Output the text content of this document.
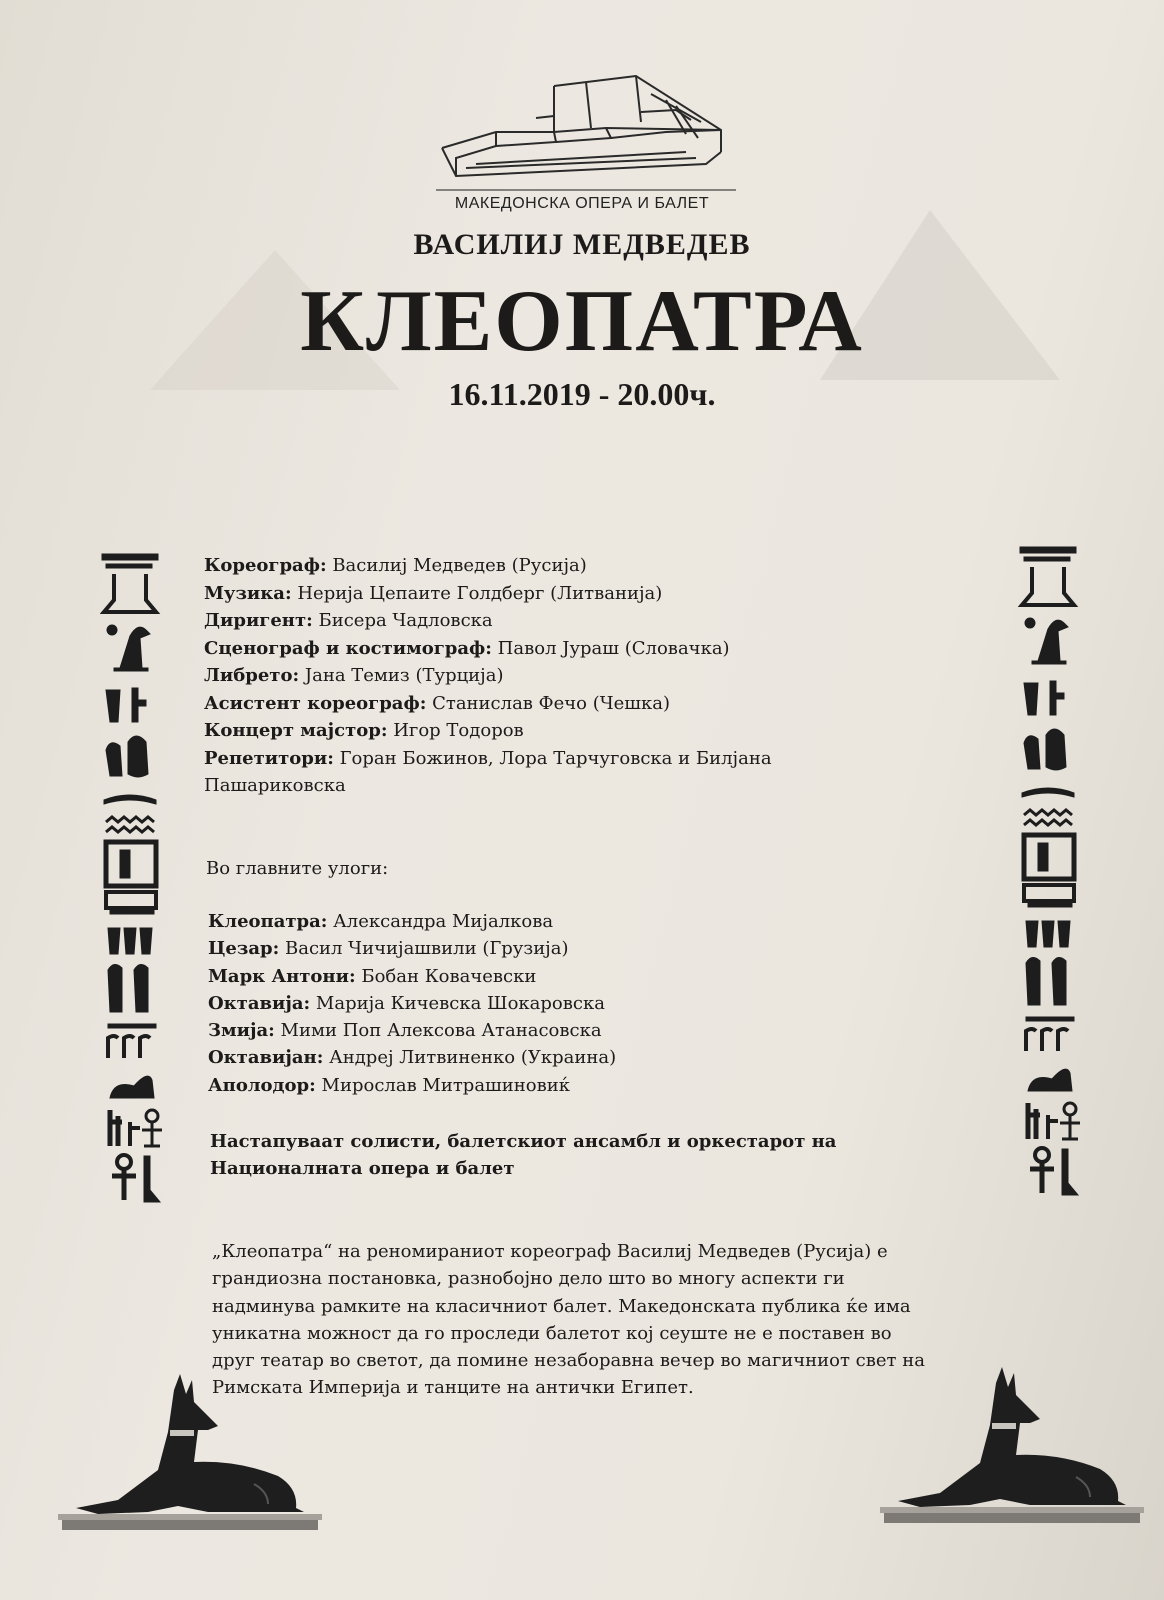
МАКЕДОНСКА ОПЕРА И БАЛЕТ
ВАСИЛИЈ МЕДВЕДЕВ
КЛЕОПАТРА
16.11.2019 - 20.00ч.
Кореограф: Василиј Медведев (Русија)
Музика: Нерија Цепаите Голдберг (Литванија)
Диригент: Бисера Чадловска
Сценограф и костимограф: Павол Јураш (Словачка)
Либрето: Јана Темиз (Турција)
Асистент кореограф: Станислав Фечо (Чешка)
Концерт мајстор: Игор Тодоров
Репетитори: Горан Божинов, Лора Тарчуговска и Билјана
Пашариковска
Во главните улоги:
Клеопатра: Александра Мијалкова
Цезар: Васил Чичијашвили (Грузија)
Марк Антони: Бобан Ковачевски
Октавија: Марија Кичевска Шокаровска
Змија: Мими Поп Алексова Атанасовска
Октавијан: Андреј Литвиненко (Украина)
Аполодор: Мирослав Митрашиновиќ
Настапуваат солисти, балетскиот ансамбл и оркестарот на
Националната опера и балет
„Клеопатра“ на реномираниот кореограф Василиј Медведев (Русија) е
грандиозна постановка, разнобојно дело што во многу аспекти ги
надминува рамките на класичниот балет. Македонската публика ќе има
уникатна можност да го проследи балетот кој сеуште не е поставен во
друг театар во светот, да помине незаборавна вечер во магичниот свет на
Римската Империја и танците на антички Египет.
